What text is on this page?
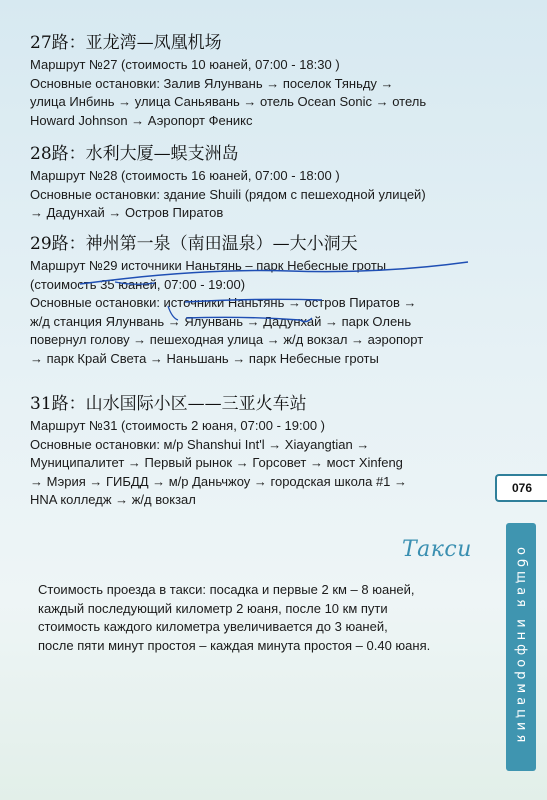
27路：亚龙湾—凤凰机场
Маршрут №27 (стоимость 10 юаней, 07:00 - 18:30 )
Основные остановки: Залив Ялунвань → поселок Тяньду →
улица Инбинь → улица Саньявань → отель Ocean Sonic → отель
Howard Johnson → Аэропорт Феникс
28路：水利大厦—蜈支洲岛
Маршрут №28 (стоимость 16 юаней, 07:00 - 18:00 )
Основные остановки: здание Shuili (рядом с пешеходной улицей)
→ Дадунхай → Остров Пиратов
29路：神州第一泉（南田温泉）—大小洞天
Маршрут №29 источники Наньтянь – парк Небесные гроты
(стоимость 35 юаней, 07:00 - 19:00)
Основные остановки: источники Наньтянь → остров Пиратов →
ж/д станция Ялунвань → Ялунвань → Дадунхай → парк Олень
повернул голову → пешеходная улица → ж/д вокзал → аэропорт
→ парк Край Света → Наньшань → парк Небесные гроты
31路：山水国际小区——三亚火车站
Маршрут №31 (стоимость 2 юаня, 07:00 - 19:00 )
Основные остановки: м/р Shanshui Int'l → Xiayangtian →
Муниципалитет → Первый рынок → Горсовет → мост Xinfeng
→ Мэрия → ГИБДД → м/р Даньчжоу → городская школа #1 →
HNA колледж → ж/д вокзал
076
общая информация
Такси
Стоимость проезда в такси: посадка и первые 2 км – 8 юаней,
каждый последующий километр 2 юаня, после 10 км пути
стоимость каждого километра увеличивается до 3 юаней,
после пяти минут простоя – каждая минута простоя – 0.40 юаня.
